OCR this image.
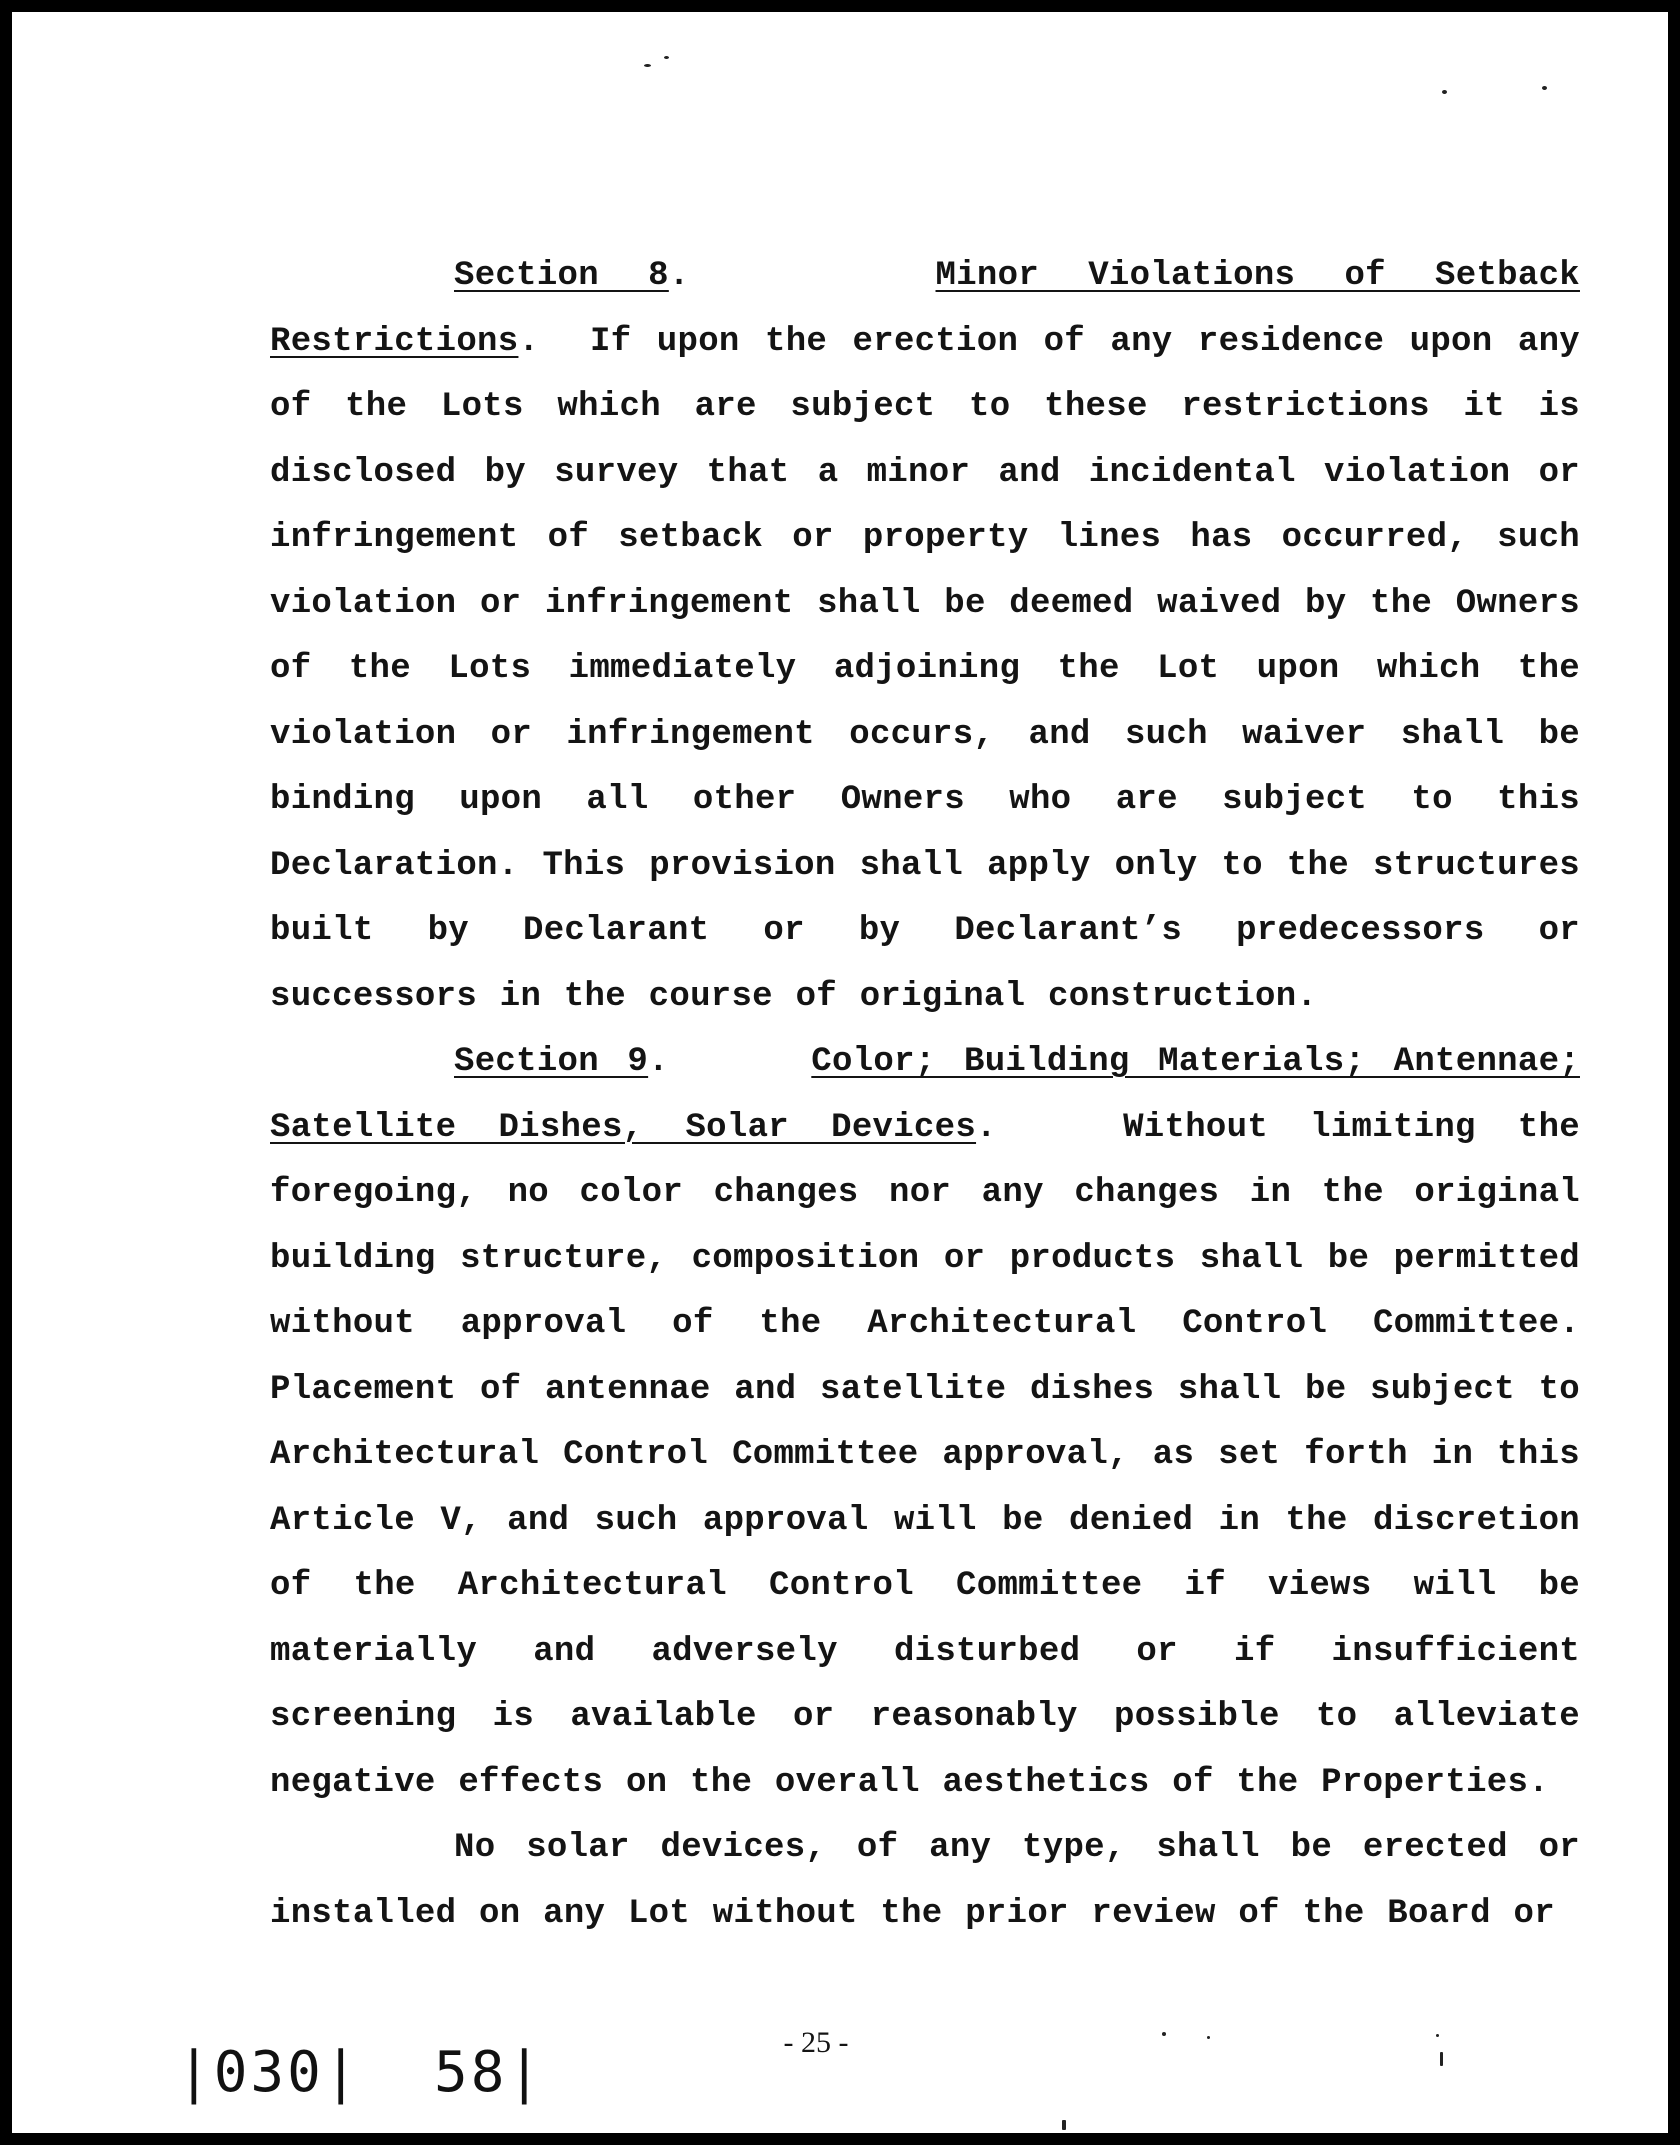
Section 8.     Minor Violations of Setback Restrictions.  If upon the erection of any residence upon any of the Lots which are subject to these restrictions it is disclosed by survey that a minor and incidental violation or infringement of setback or property lines has occurred, such violation or infringement shall be deemed waived by the Owners of the Lots immediately adjoining the Lot upon which the violation or infringement occurs, and such waiver shall be binding upon all other Owners who are subject to this Declaration. This provision shall apply only to the structures built by Declarant or by Declarant’s predecessors or successors in the course of original construction.

Section 9.     Color; Building Materials; Antennae; Satellite Dishes, Solar Devices.   Without limiting the foregoing, no color changes nor any changes in the original building structure, composition or products shall be permitted without approval of the Architectural Control Committee. Placement of antennae and satellite dishes shall be subject to Architectural Control Committee approval, as set forth in this Article V, and such approval will be denied in the discretion of the Architectural Control Committee if views will be materially and adversely disturbed or if insufficient screening is available or reasonably possible to alleviate negative effects on the overall aesthetics of the Properties.

No solar devices, of any type, shall be erected or installed on any Lot without the prior review of the Board or

- 25 -
|030|  58|
